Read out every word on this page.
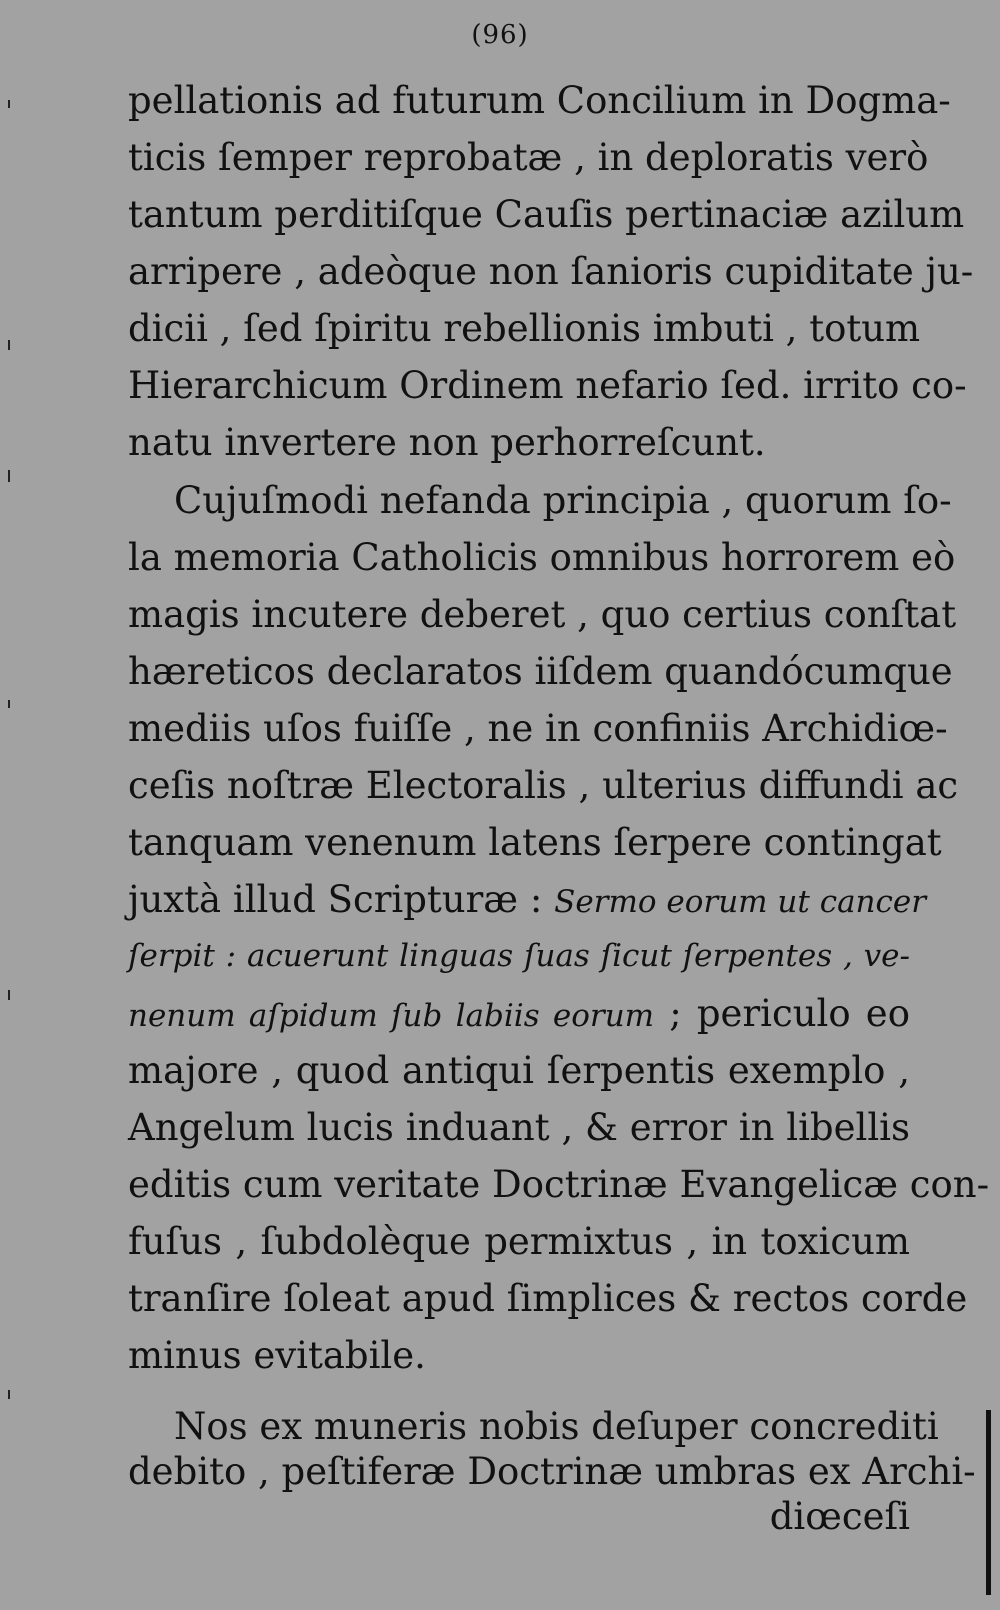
(96)
pellationis ad futurum Concilium in Dogma-
ticis ſemper reprobatæ , in deploratis verò
tantum perditiſque Cauſis pertinaciæ azilum
arripere , adeòque non ſanioris cupiditate ju-
dicii , ſed ſpiritu rebellionis imbuti , totum
Hierarchicum Ordinem nefario ſed. irrito co-
natu invertere non perhorreſcunt.
Cujuſmodi nefanda principia , quorum ſo-
la memoria Catholicis omnibus horrorem eò
magis incutere deberet , quo certius conſtat
hæreticos declaratos iiſdem quandócumque
mediis uſos fuiſſe , ne in confiniis Archidiœ-
ceſis noſtræ Electoralis , ulterius diffundi ac
tanquam venenum latens ſerpere contingat
juxtà illud Scripturæ : Sermo eorum ut cancer
ſerpit : acuerunt linguas ſuas ſicut ſerpentes , ve-
nenum aſpidum ſub labiis eorum ; periculo eo
majore , quod antiqui ſerpentis exemplo ,
Angelum lucis induant , & error in libellis
editis cum veritate Doctrinæ Evangelicæ con-
fuſus , ſubdolèque permixtus , in toxicum
tranſire ſoleat apud ſimplices & rectos corde
minus evitabile.
Nos ex muneris nobis deſuper concrediti
debito , peſtiferæ Doctrinæ umbras ex Archi-
diœceſi
